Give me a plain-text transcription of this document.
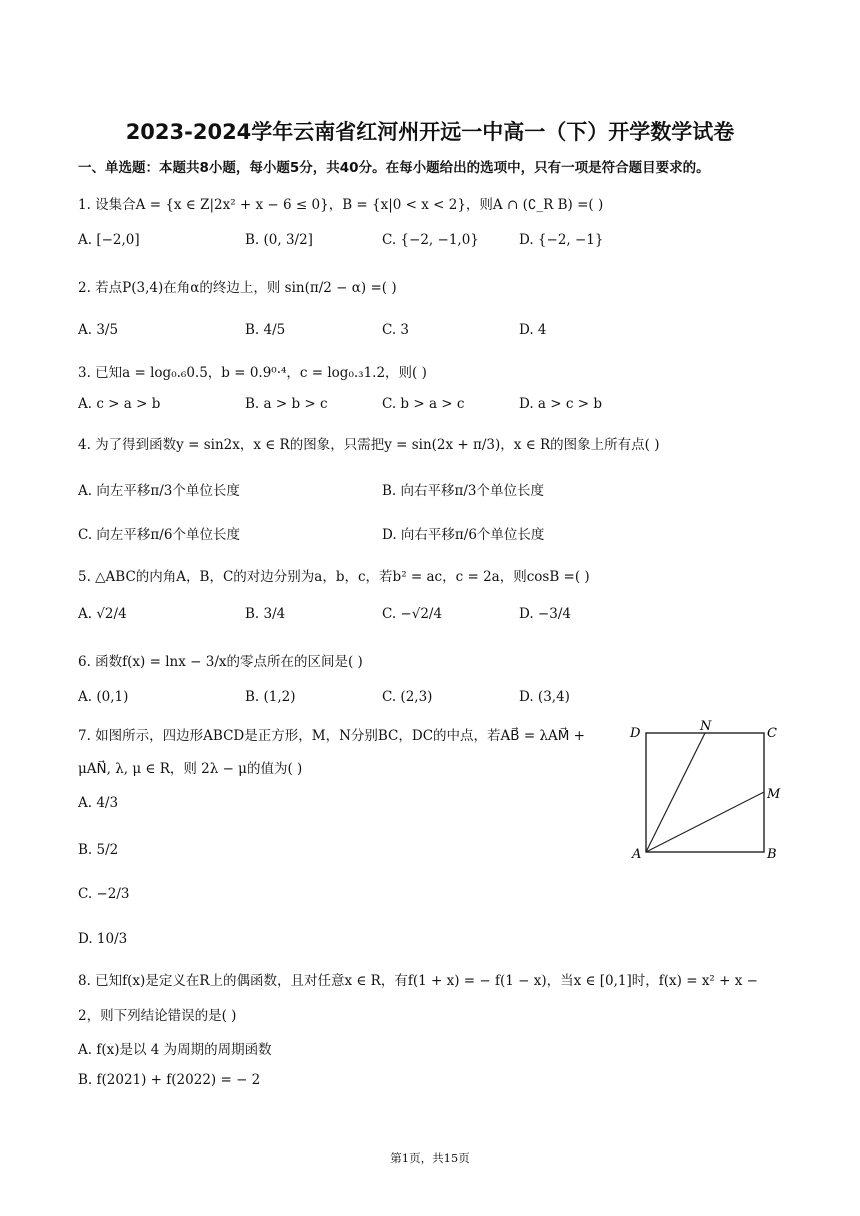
2023-2024学年云南省红河州开远一中高一（下）开学数学试卷
一、单选题：本题共8小题，每小题5分，共40分。在每小题给出的选项中，只有一项是符合题目要求的。
1. 设集合A = {x ∈ Z|2x² + x − 6 ≤ 0}，B = {x|0 < x < 2}，则A ∩ (∁_R B) =( )
A. [−2,0]	B. (0, 3/2]	C. {−2, −1,0}	D. {−2, −1}
2. 若点P(3,4)在角α的终边上，则 sin(π/2 − α) =( )
A. 3/5	B. 4/5	C. 3	D. 4
3. 已知a = log₀.₆0.5，b = 0.9⁰·⁴，c = log₀.₃1.2，则( )
A. c > a > b	B. a > b > c	C. b > a > c	D. a > c > b
4. 为了得到函数y = sin2x，x ∈ R的图象，只需把y = sin(2x + π/3)，x ∈ R的图象上所有点( )
A. 向左平移π/3个单位长度	B. 向右平移π/3个单位长度
C. 向左平移π/6个单位长度	D. 向右平移π/6个单位长度
5. △ABC的内角A，B，C的对边分别为a，b，c，若b² = ac，c = 2a，则cosB =( )
A. √2/4	B. 3/4	C. −√2/4	D. −3/4
6. 函数f(x) = lnx − 3/x的零点所在的区间是( )
A. (0,1)	B. (1,2)	C. (2,3)	D. (3,4)
7. 如图所示，四边形ABCD是正方形，M，N分别BC，DC的中点，若AB⃗ = λAM⃗ +
μAN⃗, λ, μ ∈ R，则 2λ − μ的值为( )
A. 4/3
B. 5/2
C. −2/3
D. 10/3
D	N	C
M
A	B
8. 已知f(x)是定义在R上的偶函数，且对任意x ∈ R，有f(1 + x) = − f(1 − x)，当x ∈ [0,1]时，f(x) = x² + x −
2，则下列结论错误的是( )
A. f(x)是以 4 为周期的周期函数
B. f(2021) + f(2022) = − 2
第1页，共15页
